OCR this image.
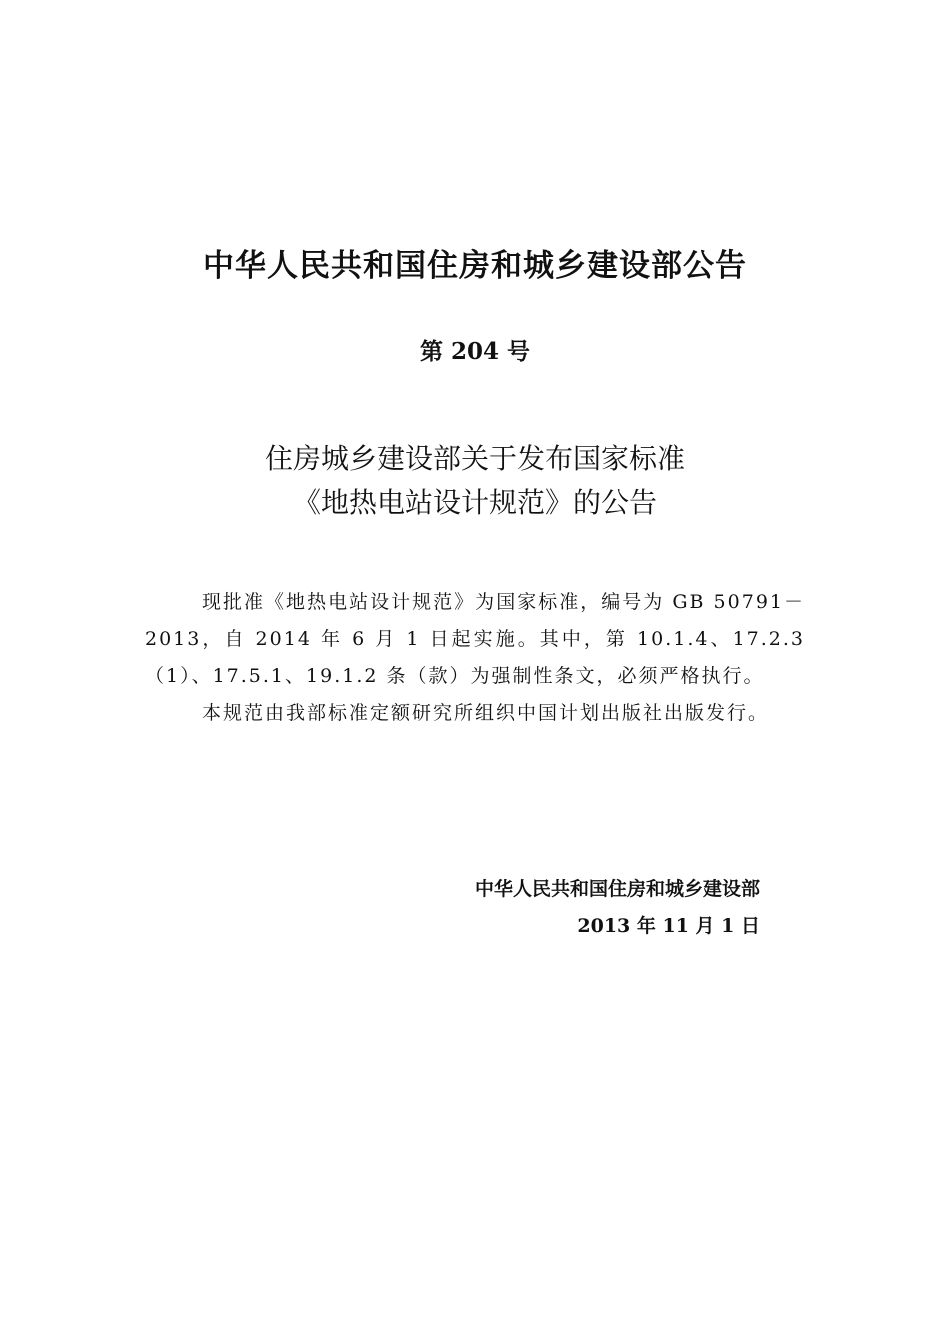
中华人民共和国住房和城乡建设部公告
第 204 号
住房城乡建设部关于发布国家标准
《地热电站设计规范》的公告

现批准《地热电站设计规范》为国家标准，编号为 GB 50791－2013，自 2014 年 6 月 1 日起实施。其中，第 10.1.4、17.2.3（1）、17.5.1、19.1.2 条（款）为强制性条文，必须严格执行。

本规范由我部标准定额研究所组织中国计划出版社出版发行。

中华人民共和国住房和城乡建设部
2013 年 11 月 1 日
